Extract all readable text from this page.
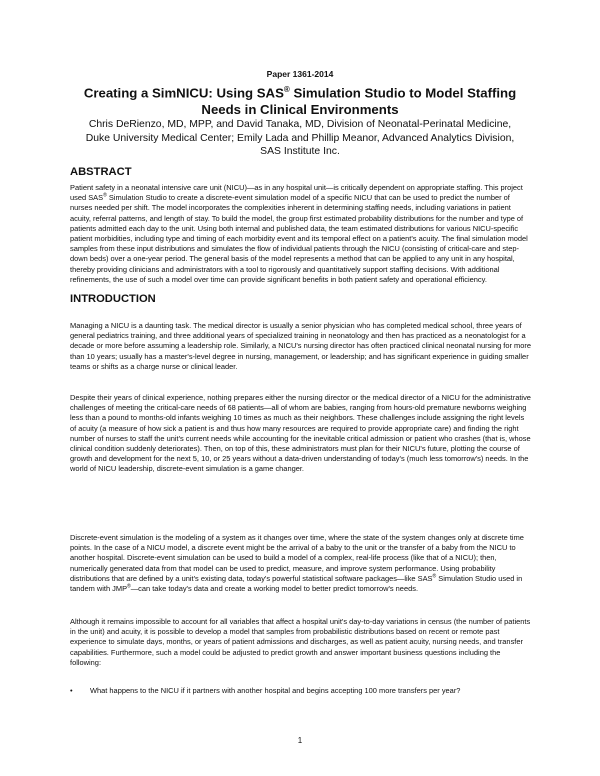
Paper 1361-2014
Creating a SimNICU: Using SAS® Simulation Studio to Model Staffing Needs in Clinical Environments
Chris DeRienzo, MD, MPP, and David Tanaka, MD, Division of Neonatal-Perinatal Medicine,
Duke University Medical Center; Emily Lada and Phillip Meanor, Advanced Analytics Division,
SAS Institute Inc.
ABSTRACT

Patient safety in a neonatal intensive care unit (NICU)—as in any hospital unit—is critically dependent on appropriate staffing. This project used SAS® Simulation Studio to create a discrete-event simulation model of a specific NICU that can be used to predict the number of nurses needed per shift. The model incorporates the complexities inherent in determining staffing needs, including variations in patient acuity, referral patterns, and length of stay. To build the model, the group first estimated probability distributions for the number and type of patients admitted each day to the unit. Using both internal and published data, the team estimated distributions for various NICU-specific patient morbidities, including type and timing of each morbidity event and its temporal effect on a patient's acuity. The final simulation model samples from these input distributions and simulates the flow of individual patients through the NICU (consisting of critical-care and step-down beds) over a one-year period. The general basis of the model represents a method that can be applied to any unit in any hospital, thereby providing clinicians and administrators with a tool to rigorously and quantitatively support staffing decisions. With additional refinements, the use of such a model over time can provide significant benefits in both patient safety and operational efficiency.

INTRODUCTION

Managing a NICU is a daunting task. The medical director is usually a senior physician who has completed medical school, three years of general pediatrics training, and three additional years of specialized training in neonatology and then has practiced as a neonatologist for a decade or more before assuming a leadership role. Similarly, a NICU's nursing director has often practiced clinical neonatal nursing for more than 10 years; usually has a master's-level degree in nursing, management, or leadership; and has significant experience in guiding smaller teams or shifts as a charge nurse or clinical leader.

Despite their years of clinical experience, nothing prepares either the nursing director or the medical director of a NICU for the administrative challenges of meeting the critical-care needs of 68 patients—all of whom are babies, ranging from hours-old premature newborns weighing less than a pound to months-old infants weighing 10 times as much as their neighbors. These challenges include assigning the right levels of acuity (a measure of how sick a patient is and thus how many resources are required to provide appropriate care) and finding the right number of nurses to staff the unit's current needs while accounting for the inevitable critical admission or patient who crashes (that is, whose clinical condition suddenly deteriorates). Then, on top of this, these administrators must plan for their NICU's future, plotting the course of growth and development for the next 5, 10, or 25 years without a data-driven understanding of today's (much less tomorrow's) needs. In the world of NICU leadership, discrete-event simulation is a game changer.

Discrete-event simulation is the modeling of a system as it changes over time, where the state of the system changes only at discrete time points. In the case of a NICU model, a discrete event might be the arrival of a baby to the unit or the transfer of a baby from the NICU to another hospital. Discrete-event simulation can be used to build a model of a complex, real-life process (like that of a NICU); then, numerically generated data from that model can be used to predict, measure, and improve system performance. Using probability distributions that are defined by a unit's existing data, today's powerful statistical software packages—like SAS® Simulation Studio used in tandem with JMP®—can take today's data and create a working model to better predict tomorrow's needs.

Although it remains impossible to account for all variables that affect a hospital unit's day-to-day variations in census (the number of patients in the unit) and acuity, it is possible to develop a model that samples from probabilistic distributions based on recent or remote past experience to simulate days, months, or years of patient admissions and discharges, as well as patient acuity, nursing needs, and transfer capabilities. Furthermore, such a model could be adjusted to predict growth and answer important business questions including the following:

• What happens to the NICU if it partners with another hospital and begins accepting 100 more transfers per year?
1
